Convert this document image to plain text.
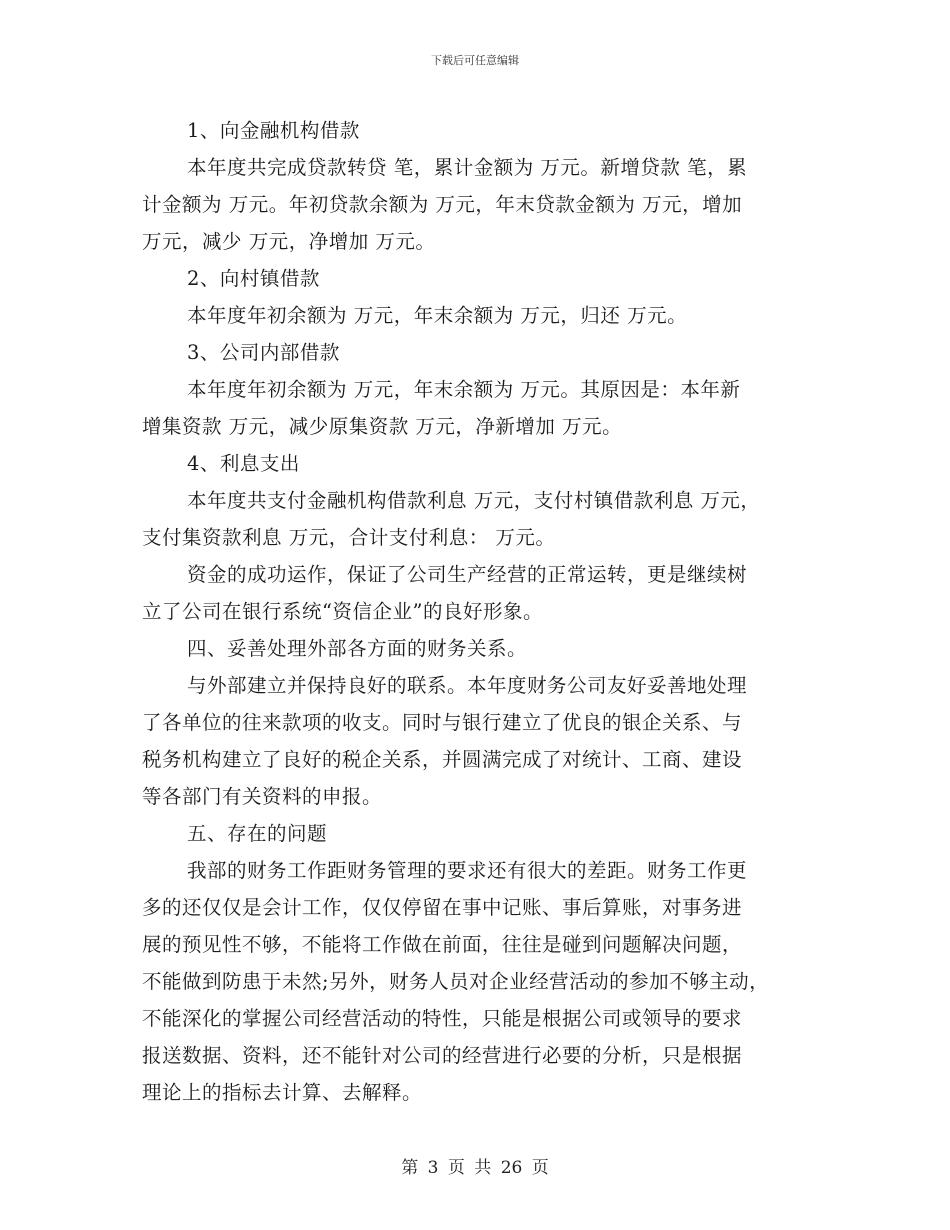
下载后可任意编辑
1、向金融机构借款
本年度共完成贷款转贷 笔，累计金额为 万元。新增贷款 笔，累
计金额为 万元。年初贷款余额为 万元，年末贷款金额为 万元，增加
万元，减少 万元，净增加 万元。
2、向村镇借款
本年度年初余额为 万元，年末余额为 万元，归还 万元。
3、公司内部借款
本年度年初余额为 万元，年末余额为 万元。其原因是：本年新
增集资款 万元，减少原集资款 万元，净新增加 万元。
4、利息支出
本年度共支付金融机构借款利息 万元，支付村镇借款利息 万元，
支付集资款利息 万元，合计支付利息： 万元。
资金的成功运作，保证了公司生产经营的正常运转，更是继续树
立了公司在银行系统“资信企业”的良好形象。
四、妥善处理外部各方面的财务关系。
与外部建立并保持良好的联系。本年度财务公司友好妥善地处理
了各单位的往来款项的收支。同时与银行建立了优良的银企关系、与
税务机构建立了良好的税企关系，并圆满完成了对统计、工商、建设
等各部门有关资料的申报。
五、存在的问题
我部的财务工作距财务管理的要求还有很大的差距。财务工作更
多的还仅仅是会计工作，仅仅停留在事中记账、事后算账，对事务进
展的预见性不够，不能将工作做在前面，往往是碰到问题解决问题，
不能做到防患于未然;另外，财务人员对企业经营活动的参加不够主动，
不能深化的掌握公司经营活动的特性，只能是根据公司或领导的要求
报送数据、资料，还不能针对公司的经营进行必要的分析，只是根据
理论上的指标去计算、去解释。
第 3 页 共 26 页
